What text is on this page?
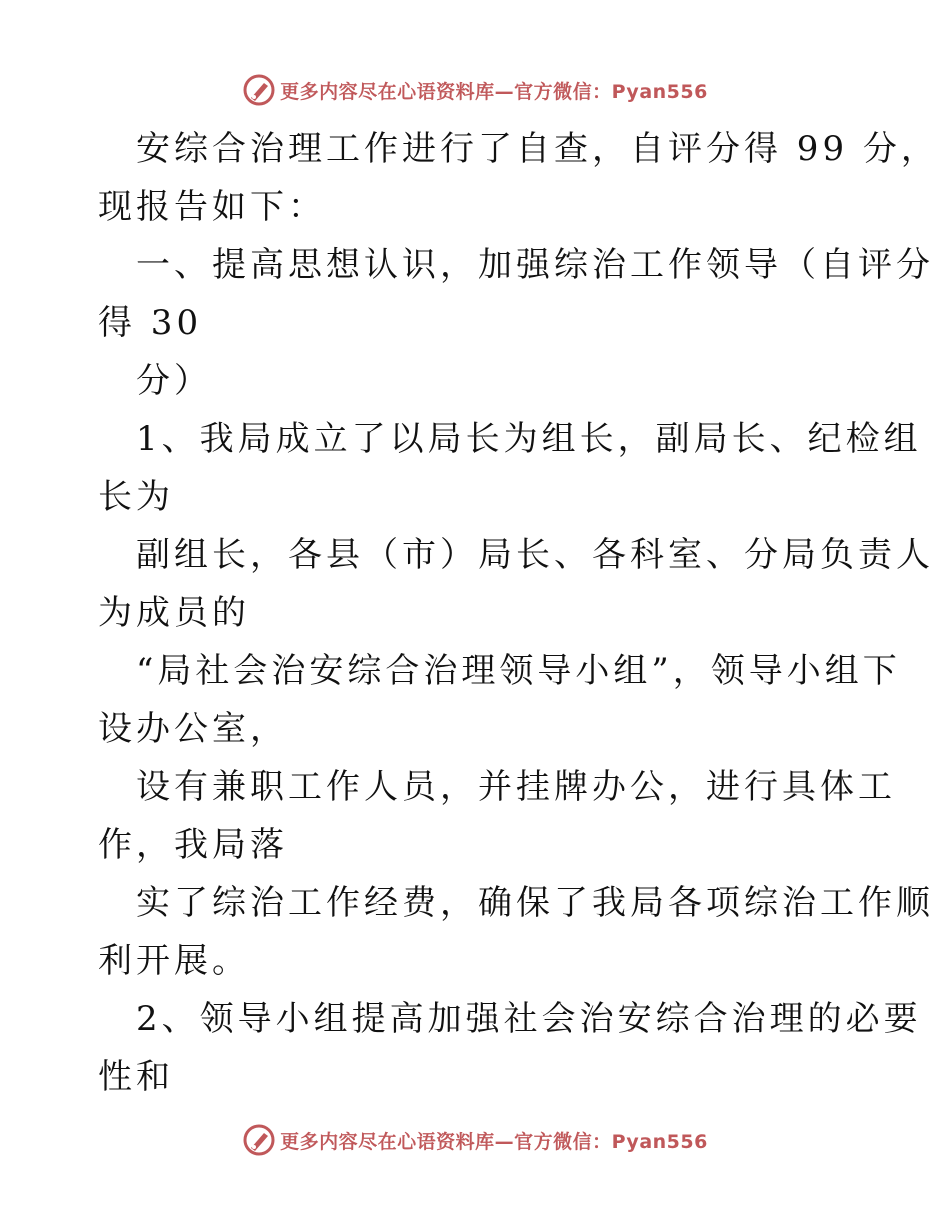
更多内容尽在心语资料库—官方微信：Pyan556
安综合治理工作进行了自查，自评分得 99 分，
现报告如下：
一、提高思想认识，加强综治工作领导（自评分
得 30
分）
1、我局成立了以局长为组长，副局长、纪检组
长为
副组长，各县（市）局长、各科室、分局负责人
为成员的
“局社会治安综合治理领导小组”，领导小组下
设办公室，
设有兼职工作人员，并挂牌办公，进行具体工
作，我局落
实了综治工作经费，确保了我局各项综治工作顺
利开展。
2、领导小组提高加强社会治安综合治理的必要
性和
更多内容尽在心语资料库—官方微信：Pyan556
